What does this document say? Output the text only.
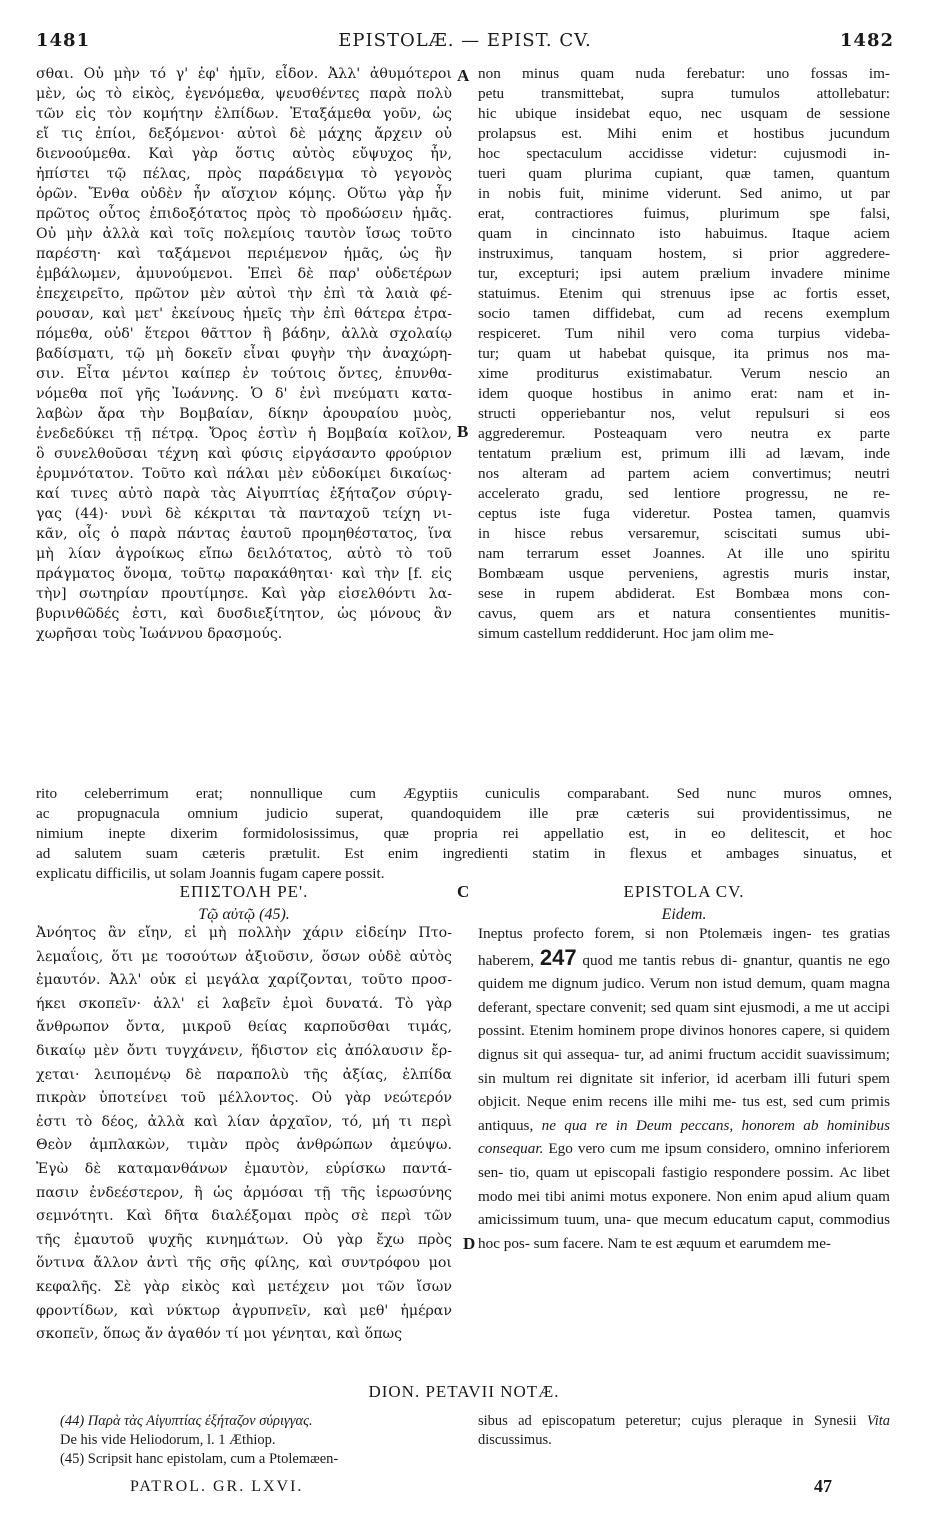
1481	EPISTOLÆ. — EPIST. CV.	1482

σθαι. Οὐ μὴν τό γ' ἐφ' ἡμῖν, εἶδον. Ἀλλ' ἀθυμότεροι

μὲν, ὡς τὸ εἰκὸς, ἐγενόμεθα, ψευσθέντες παρὰ πολὺ

τῶν εἰς τὸν κομήτην ἐλπίδων. Ἐταξάμεθα γοῦν, ὡς

εἴ τις ἐπίοι, δεξόμενοι· αὐτοὶ δὲ μάχης ἄρχειν οὐ

διενοούμεθα. Καὶ γὰρ ὅστις αὐτὸς εὔψυχος ἦν,

ἠπίστει τῷ πέλας, πρὸς παράδειγμα τὸ γεγονὸς

ὁρῶν. Ἔνθα οὐδὲν ἦν αἴσχιον κόμης. Οὕτω γὰρ ἦν

πρῶτος οὗτος ἐπιδοξότατος πρὸς τὸ προδώσειν ἡμᾶς.

Οὐ μὴν ἀλλὰ καὶ τοῖς πολεμίοις ταυτὸν ἴσως τοῦτο

παρέστη· καὶ ταξάμενοι περιέμενον ἡμᾶς, ὡς ἢν

ἐμβάλωμεν, ἀμυνούμενοι. Ἐπεὶ δὲ παρ' οὐδετέρων

ἐπεχειρεῖτο, πρῶτον μὲν αὐτοὶ τὴν ἐπὶ τὰ λαιὰ φέ-

ρουσαν, καὶ μετ' ἐκείνους ἡμεῖς τὴν ἐπὶ θάτερα ἐτρα-

πόμεθα, οὐδ' ἕτεροι θᾶττον ἢ βάδην, ἀλλὰ σχολαίῳ

βαδίσματι, τῷ μὴ δοκεῖν εἶναι φυγὴν τὴν ἀναχώρη-

σιν. Εἶτα μέντοι καίπερ ἐν τούτοις ὄντες, ἐπυνθα-

νόμεθα ποῖ γῆς Ἰωάννης. Ὁ δ' ἐνὶ πνεύματι κατα-

λαβὼν ἄρα τὴν Βομβαίαν, δίκην ἀρουραίου μυὸς,

ἐνεδεδύκει τῇ πέτρᾳ. Ὄρος ἐστὶν ἡ Βομβαία κοῖλον,

ὃ συνελθοῦσαι τέχνη καὶ φύσις εἰργάσαντο φρούριον

ἐρυμνότατον. Τοῦτο καὶ πάλαι μὲν εὐδοκίμει δικαίως·

καί τινες αὐτὸ παρὰ τὰς Αἰγυπτίας ἐξήταζον σύριγ-

γας (44)· νυνὶ δὲ κέκριται τὰ πανταχοῦ τείχη νι-

κᾶν, οἷς ὁ παρὰ πάντας ἑαυτοῦ προμηθέστατος, ἵνα

μὴ λίαν ἀγροίκως εἴπω δειλότατος, αὐτὸ τὸ τοῦ

πράγματος ὄνομα, τοῦτῳ παρακάθηται· καὶ τὴν [f. εἰς

τὴν] σωτηρίαν προυτίμησε. Καὶ γὰρ εἰσελθόντι λα-

βυρινθῶδές ἐστι, καὶ δυσδιεξίτητον, ὡς μόνους ἂν

χωρῆσαι τοὺς Ἰωάννου δρασμούς.

non minus quam nuda ferebatur: uno fossas im-

petu transmittebat, supra tumulos attollebatur:

hic ubique insidebat equo, nec usquam de sessione

prolapsus est. Mihi enim et hostibus jucundum

hoc spectaculum accidisse videtur: cujusmodi in-

tueri quam plurima cupiant, quæ tamen, quantum

in nobis fuit, minime viderunt. Sed animo, ut par

erat, contractiores fuimus, plurimum spe falsi,

quam in cincinnato isto habuimus. Itaque aciem

instruximus, tanquam hostem, si prior aggredere-

tur, excepturi; ipsi autem prælium invadere minime

statuimus. Etenim qui strenuus ipse ac fortis esset,

socio tamen diffidebat, cum ad recens exemplum

respiceret. Tum nihil vero coma turpius videba-

tur; quam ut habebat quisque, ita primus nos ma-

xime proditurus existimabatur. Verum nescio an

idem quoque hostibus in animo erat: nam et in-

structi opperiebantur nos, velut repulsuri si eos

aggrederemur. Posteaquam vero neutra ex parte

tentatum prælium est, primum illi ad lævam, inde

nos alteram ad partem aciem convertimus; neutri

accelerato gradu, sed lentiore progressu, ne re-

ceptus iste fuga videretur. Postea tamen, quamvis

in hisce rebus versaremur, sciscitati sumus ubi-

nam terrarum esset Joannes. At ille uno spiritu

Bombæam usque perveniens, agrestis muris instar,

sese in rupem abdiderat. Est Bombæa mons con-

cavus, quem ars et natura consentientes munitis-

simum castellum reddiderunt. Hoc jam olim me-

A
B

rito celeberrimum erat; nonnullique cum Ægyptiis cuniculis comparabant. Sed nunc muros omnes,

ac propugnacula omnium judicio superat, quandoquidem ille præ cæteris sui providentissimus, ne

nimium inepte dixerim formidolosissimus, quæ propria rei appellatio est, in eo delitescit, et hoc

ad salutem suam cæteris prætulit. Est enim ingredienti statim in flexus et ambages sinuatus, et

explicatu difficilis, ut solam Joannis fugam capere possit.

ΕΠΙΣΤΟΛΗ ΡΕ'.
Τῷ αὐτῷ (45).
C	EPISTOLA CV.
Eidem.

Ἀνόητος ἂν εἴην, εἰ μὴ πολλὴν χάριν εἰδείην Πτο-

λεμαΐοις, ὅτι με τοσούτων ἀξιοῦσιν, ὅσων οὐδὲ αὐτὸς

ἐμαυτόν. Ἀλλ' οὐκ εἰ μεγάλα χαρίζονται, τοῦτο προσ-

ήκει σκοπεῖν· ἀλλ' εἰ λαβεῖν ἐμοὶ δυνατά. Τὸ γὰρ

ἄνθρωπον ὄντα, μικροῦ θείας καρποῦσθαι τιμάς,

δικαίῳ μὲν ὄντι τυγχάνειν, ἥδιστον εἰς ἀπόλαυσιν ἔρ-

χεται· λειπομένῳ δὲ παραπολὺ τῆς ἀξίας, ἐλπίδα

πικρὰν ὑποτείνει τοῦ μέλλοντος. Οὐ γὰρ νεώτερόν

ἐστι τὸ δέος, ἀλλὰ καὶ λίαν ἀρχαῖον, τό, μή τι περὶ

Θεὸν ἀμπλακὼν, τιμὰν πρὸς ἀνθρώπων ἀμεύψω.

Ἐγὼ δὲ καταμανθάνων ἐμαυτὸν, εὑρίσκω παντά-

πασιν ἐνδεέστερον, ἢ ὡς ἁρμόσαι τῇ τῆς ἱερωσύνης

σεμνότητι. Καὶ δῆτα διαλέξομαι πρὸς σὲ περὶ τῶν

τῆς ἐμαυτοῦ ψυχῆς κινημάτων. Οὐ γὰρ ἔχω πρὸς

ὅντινα ἄλλον ἀντὶ τῆς σῆς φίλης, καὶ συντρόφου μοι

κεφαλῆς. Σὲ γὰρ εἰκὸς καὶ μετέχειν μοι τῶν ἴσων

φροντίδων, καὶ νύκτωρ ἀγρυπνεῖν, καὶ μεθ' ἡμέραν

σκοπεῖν, ὅπως ἄν ἀγαθόν τί μοι γένηται, καὶ ὅπως

Ineptus profecto forem, si non Ptolemæis ingen- tes gratias haberem, 247 quod me tantis rebus di- gnantur, quantis ne ego quidem me dignum judico. Verum non istud demum, quam magna deferant, spectare convenit; sed quam sint ejusmodi, a me ut accipi possint. Etenim hominem prope divinos honores capere, si quidem dignus sit qui assequa- tur, ad animi fructum accidit suavissimum; sin multum rei dignitate sit inferior, id acerbam illi futuri spem objicit. Neque enim recens ille mihi me- tus est, sed cum primis antiquus, ne qua re in Deum peccans, honorem ab hominibus consequar. Ego vero cum me ipsum considero, omnino inferiorem sen- tio, quam ut episcopali fastigio respondere possim. Ac libet modo mei tibi animi motus exponere. Non enim apud alium quam amicissimum tuum, una- que mecum educatum caput, commodius hoc pos- sum facere. Nam te est æquum et earumdem me-

D
DION. PETAVII NOTÆ.

(44) Παρὰ τὰς Αἰγυπτίας ἐξήταζον σύριγγας.

De his vide Heliodorum, l. 1 Æthiop.

(45) Scripsit hanc epistolam, cum a Ptolemæen-

sibus ad episcopatum peteretur; cujus pleraque in Synesii Vita discussimus.
PATROL. GR. LXVI.	47
